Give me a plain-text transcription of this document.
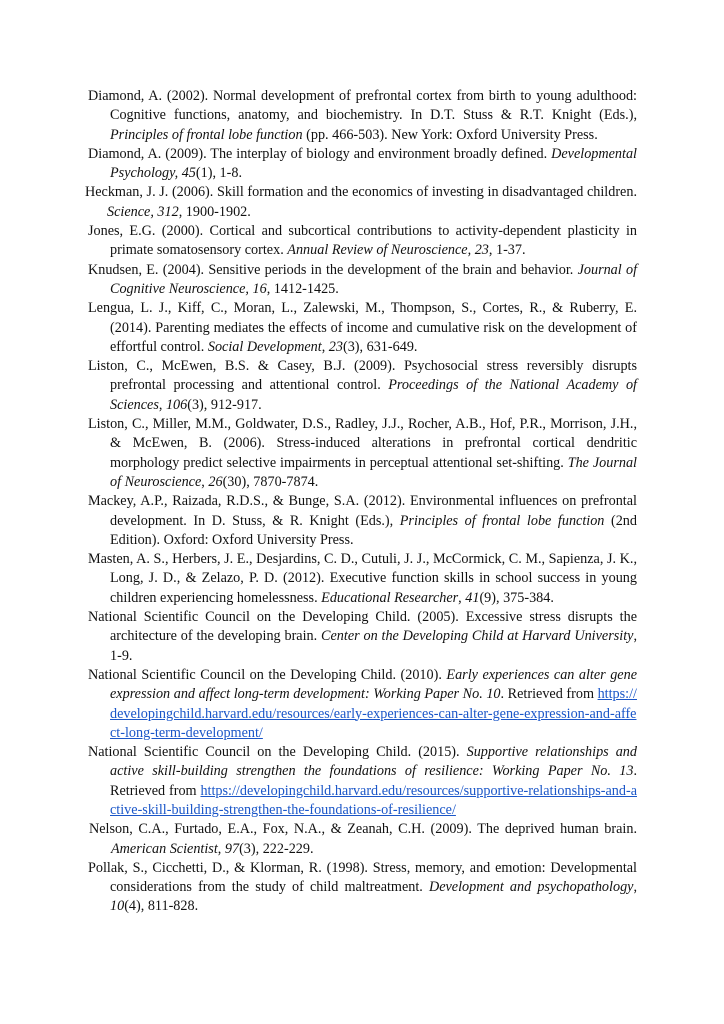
Diamond, A. (2002). Normal development of prefrontal cortex from birth to young adulthood: Cognitive functions, anatomy, and biochemistry. In D.T. Stuss & R.T. Knight (Eds.), Principles of frontal lobe function (pp. 466-503). New York: Oxford University Press.

Diamond, A. (2009). The interplay of biology and environment broadly defined. Developmental Psychology, 45(1), 1-8.

Heckman, J. J. (2006). Skill formation and the economics of investing in disadvantaged children. Science, 312, 1900-1902.

Jones, E.G. (2000). Cortical and subcortical contributions to activity-dependent plasticity in primate somatosensory cortex. Annual Review of Neuroscience, 23, 1-37.

Knudsen, E. (2004). Sensitive periods in the development of the brain and behavior. Journal of Cognitive Neuroscience, 16, 1412-1425.

Lengua, L. J., Kiff, C., Moran, L., Zalewski, M., Thompson, S., Cortes, R., & Ruberry, E. (2014). Parenting mediates the effects of income and cumulative risk on the development of effortful control. Social Development, 23(3), 631-649.

Liston, C., McEwen, B.S. & Casey, B.J. (2009). Psychosocial stress reversibly disrupts prefrontal processing and attentional control. Proceedings of the National Academy of Sciences, 106(3), 912-917.

Liston, C., Miller, M.M., Goldwater, D.S., Radley, J.J., Rocher, A.B., Hof, P.R., Morrison, J.H., & McEwen, B. (2006). Stress-induced alterations in prefrontal cortical dendritic morphology predict selective impairments in perceptual attentional set-shifting. The Journal of Neuroscience, 26(30), 7870-7874.

Mackey, A.P., Raizada, R.D.S., & Bunge, S.A. (2012). Environmental influences on prefrontal development. In D. Stuss, & R. Knight (Eds.), Principles of frontal lobe function (2nd Edition). Oxford: Oxford University Press.

Masten, A. S., Herbers, J. E., Desjardins, C. D., Cutuli, J. J., McCormick, C. M., Sapienza, J. K., Long, J. D., & Zelazo, P. D. (2012). Executive function skills in school success in young children experiencing homelessness. Educational Researcher, 41(9), 375-384.

National Scientific Council on the Developing Child. (2005). Excessive stress disrupts the architecture of the developing brain. Center on the Developing Child at Harvard University, 1-9.

National Scientific Council on the Developing Child. (2010). Early experiences can alter gene expression and affect long-term development: Working Paper No. 10. Retrieved from https://developingchild.harvard.edu/resources/early-experiences-can-alter-gene-expression-and-affect-long-term-development/

National Scientific Council on the Developing Child. (2015). Supportive relationships and active skill-building strengthen the foundations of resilience: Working Paper No. 13. Retrieved from https://developingchild.harvard.edu/resources/supportive-relationships-and-active-skill-building-strengthen-the-foundations-of-resilience/

Nelson, C.A., Furtado, E.A., Fox, N.A., & Zeanah, C.H. (2009). The deprived human brain. American Scientist, 97(3), 222-229.

Pollak, S., Cicchetti, D., & Klorman, R. (1998). Stress, memory, and emotion: Developmental considerations from the study of child maltreatment. Development and psychopathology, 10(4), 811-828.
